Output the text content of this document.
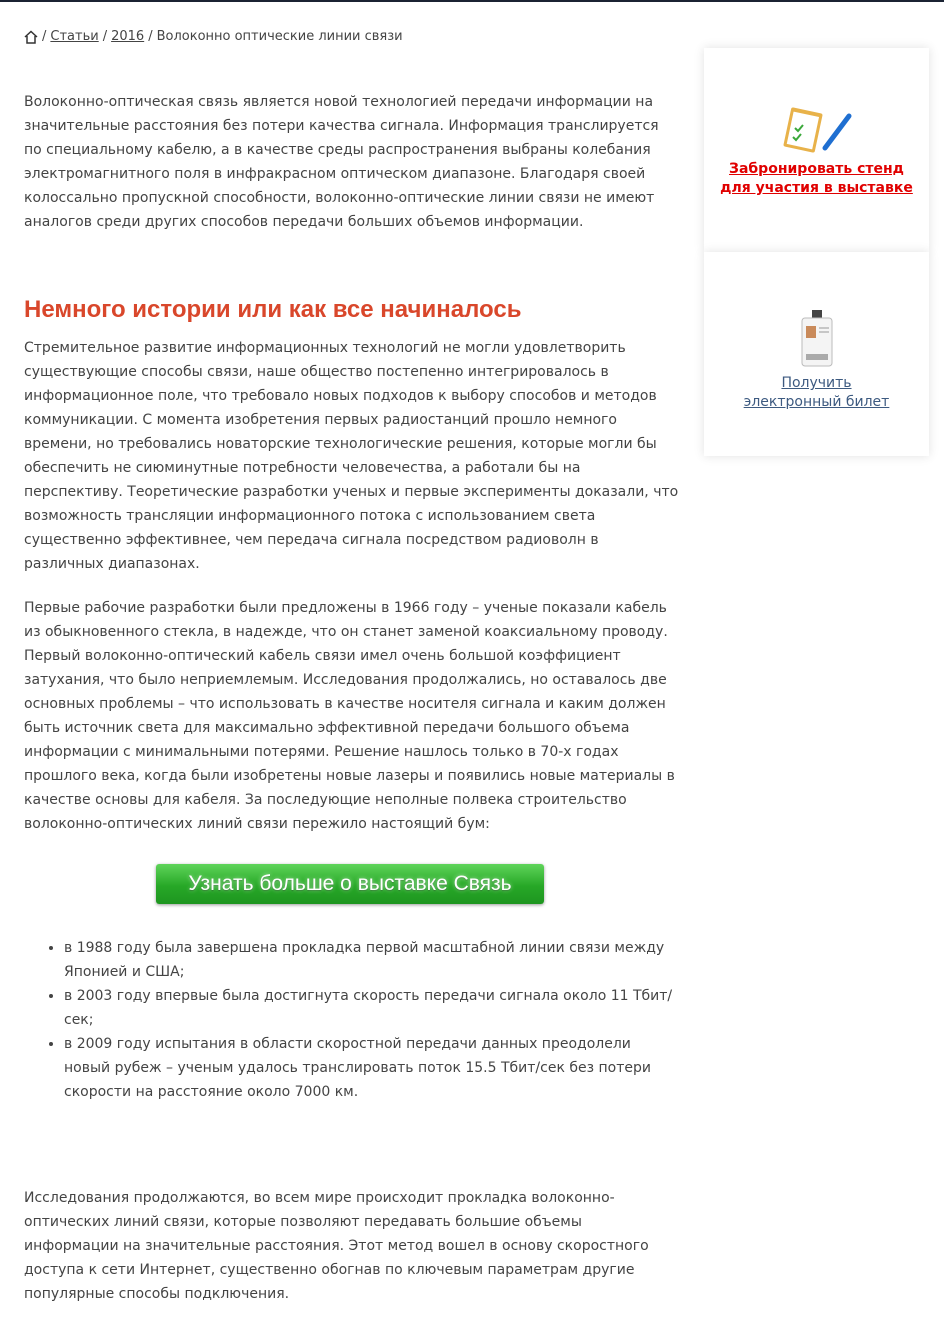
/ Статьи / 2016 / Волоконно оптические линии связи

Волоконно-оптическая связь является новой технологией передачи информации на значительные расстояния без потери качества сигнала. Информация транслируется по специальному кабелю, а в качестве среды распространения выбраны колебания электромагнитного поля в инфракрасном оптическом диапазоне. Благодаря своей колоссально пропускной способности, волоконно-оптические линии связи не имеют аналогов среди других способов передачи больших объемов информации.

Немного истории или как все начиналось

Стремительное развитие информационных технологий не могли удовлетворить существующие способы связи, наше общество постепенно интегрировалось в информационное поле, что требовало новых подходов к выбору способов и методов коммуникации. С момента изобретения первых радиостанций прошло немного времени, но требовались новаторские технологические решения, которые могли бы обеспечить не сиюминутные потребности человечества, а работали бы на перспективу. Теоретические разработки ученых и первые эксперименты доказали, что возможность трансляции информационного потока с использованием света существенно эффективнее, чем передача сигнала посредством радиоволн в различных диапазонах.

Первые рабочие разработки были предложены в 1966 году – ученые показали кабель из обыкновенного стекла, в надежде, что он станет заменой коаксиальному проводу. Первый волоконно-оптический кабель связи имел очень большой коэффициент затухания, что было неприемлемым. Исследования продолжались, но оставалось две основных проблемы – что использовать в качестве носителя сигнала и каким должен быть источник света для максимально эффективной передачи большого объема информации с минимальными потерями. Решение нашлось только в 70-х годах прошлого века, когда были изобретены новые лазеры и появились новые материалы в качестве основы для кабеля. За последующие неполные полвека строительство волоконно-оптических линий связи пережило настоящий бум:

Узнать больше о выставке Связь
• в 1988 году была завершена прокладка первой масштабной линии связи между Японией и США;
• в 2003 году впервые была достигнута скорость передачи сигнала около 11 Тбит/сек;
• в 2009 году испытания в области скоростной передачи данных преодолели новый рубеж – ученым удалось транслировать поток 15.5 Тбит/сек без потери скорости на расстояние около 7000 км.

Исследования продолжаются, во всем мире происходит прокладка волоконно-оптических линий связи, которые позволяют передавать большие объемы информации на значительные расстояния. Этот метод вошел в основу скоростного доступа к сети Интернет, существенно обогнав по ключевым параметрам другие популярные способы подключения.

Забронировать стенд
для участия в выставке
Получить
электронный билет
